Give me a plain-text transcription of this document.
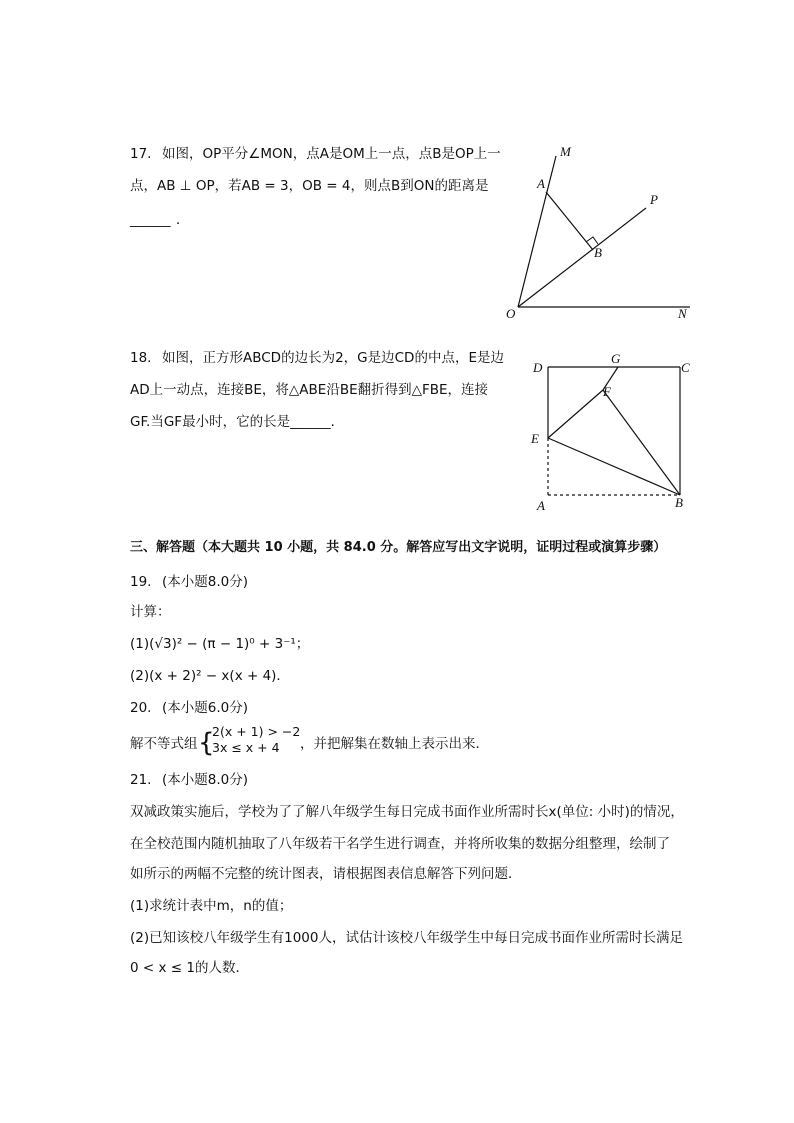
17. 如图，OP平分∠MON，点A是OM上一点，点B是OP上一
点，AB ⊥ OP，若AB = 3，OB = 4，则点B到ON的距离是
______ ．
M
P
A
B
O	N
18. 如图，正方形ABCD的边长为2，G是边CD的中点，E是边
AD上一动点，连接BE，将△ABE沿BE翻折得到△FBE，连接
GF.当GF最小时，它的长是______．
D
G
C
F
E
A	B
三、解答题（本大题共 10 小题，共 84.0 分。解答应写出文字说明，证明过程或演算步骤）
19. (本小题8.0分)
计算：
(1)(√3)² − (π − 1)⁰ + 3⁻¹；
(2)(x + 2)² − x(x + 4)．
20. (本小题6.0分)
解不等式组 {
2(x + 1) > −2
3x ≤ x + 4 ，并把解集在数轴上表示出来．
21. (本小题8.0分)
双减政策实施后，学校为了了解八年级学生每日完成书面作业所需时长x(单位: 小时)的情况，
在全校范围内随机抽取了八年级若干名学生进行调查，并将所收集的数据分组整理，绘制了
如所示的两幅不完整的统计图表，请根据图表信息解答下列问题．
(1)求统计表中m，n的值；
(2)已知该校八年级学生有1000人，试估计该校八年级学生中每日完成书面作业所需时长满足
0 < x ≤ 1的人数．
